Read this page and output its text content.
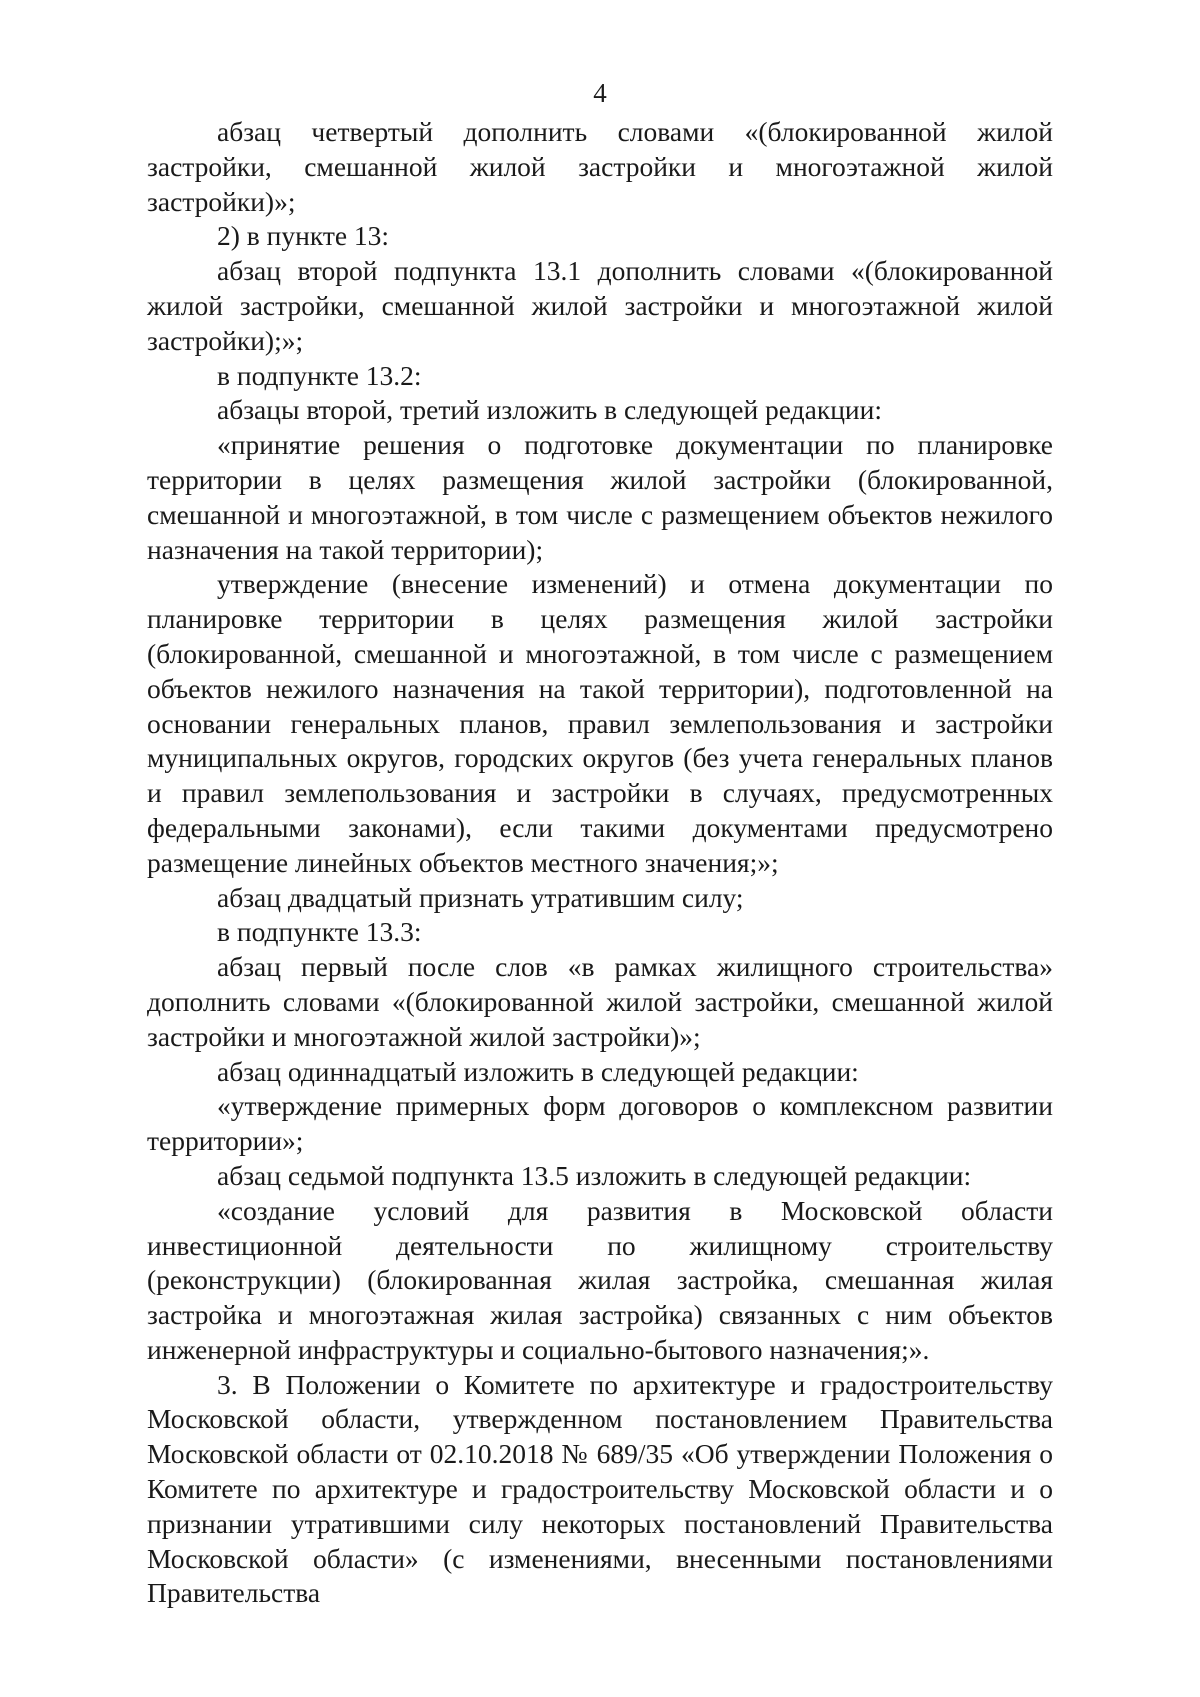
4

абзац четвертый дополнить словами «(блокированной жилой застройки, смешанной жилой застройки и многоэтажной жилой застройки)»;

2) в пункте 13:

абзац второй подпункта 13.1 дополнить словами «(блокированной жилой застройки, смешанной жилой застройки и многоэтажной жилой застройки);»;

в подпункте 13.2:

абзацы второй, третий изложить в следующей редакции:

«принятие решения о подготовке документации по планировке территории в целях размещения жилой застройки (блокированной, смешанной и многоэтажной, в том числе с размещением объектов нежилого назначения на такой территории);

утверждение (внесение изменений) и отмена документации по планировке территории в целях размещения жилой застройки (блокированной, смешанной и многоэтажной, в том числе с размещением объектов нежилого назначения на такой территории), подготовленной на основании генеральных планов, правил землепользования и застройки муниципальных округов, городских округов (без учета генеральных планов и правил землепользования и застройки в случаях, предусмотренных федеральными законами), если такими документами предусмотрено размещение линейных объектов местного значения;»;

абзац двадцатый признать утратившим силу;

в подпункте 13.3:

абзац первый после слов «в рамках жилищного строительства» дополнить словами «(блокированной жилой застройки, смешанной жилой застройки и многоэтажной жилой застройки)»;

абзац одиннадцатый изложить в следующей редакции:

«утверждение примерных форм договоров о комплексном развитии территории»;

абзац седьмой подпункта 13.5 изложить в следующей редакции:

«создание условий для развития в Московской области инвестиционной деятельности по жилищному строительству (реконструкции) (блокированная жилая застройка, смешанная жилая застройка и многоэтажная жилая застройка) связанных с ним объектов инженерной инфраструктуры и социально-бытового назначения;».

3. В Положении о Комитете по архитектуре и градостроительству Московской области, утвержденном постановлением Правительства Московской области от 02.10.2018 № 689/35 «Об утверждении Положения о Комитете по архитектуре и градостроительству Московской области и о признании утратившими силу некоторых постановлений Правительства Московской области» (с изменениями, внесенными постановлениями Правительства
